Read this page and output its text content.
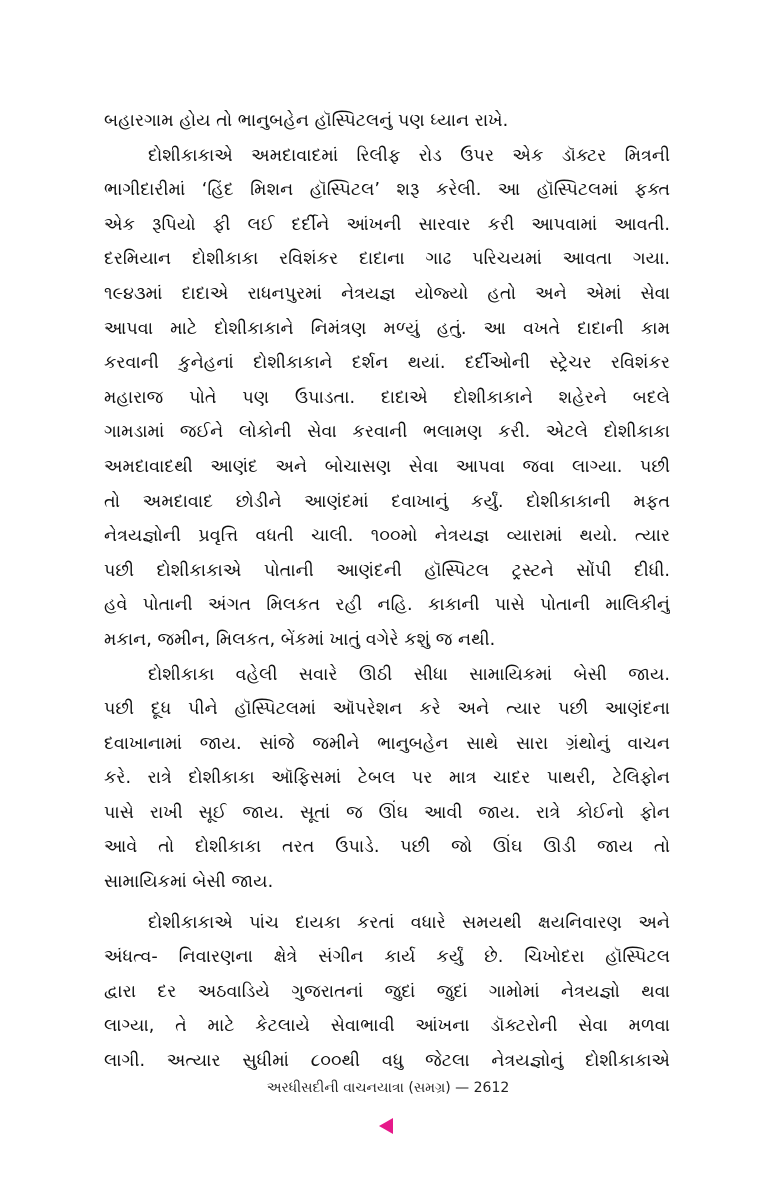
બહારગામ હોય તો ભાનુબહેન હૉસ્પિટલનું પણ ધ્યાન રાખે.
દોશીકાકાએ અમદાવાદમાં રિલીફ રોડ ઉપર એક ડૉક્ટર મિત્રની
ભાગીદારીમાં ‘હિંદ મિશન હૉસ્પિટલ’ શરૂ કરેલી. આ હૉસ્પિટલમાં ફક્ત
એક રૂપિયો ફી લઈ દર્દીને આંખની સારવાર કરી આપવામાં આવતી.
દરમિયાન દોશીકાકા રવિશંકર દાદાના ગાઢ પરિચયમાં આવતા ગયા.
૧૯૪૩માં દાદાએ રાધનપુરમાં નેત્રયજ્ઞ યોજ્યો હતો અને એમાં સેવા
આપવા માટે દોશીકાકાને નિમંત્રણ મળ્યું હતું. આ વખતે દાદાની કામ
કરવાની કુનેહનાં દોશીકાકાને દર્શન થયાં. દર્દીઓની સ્ટ્રેચર રવિશંકર
મહારાજ પોતે પણ ઉપાડતા. દાદાએ દોશીકાકાને શહેરને બદલે
ગામડામાં જઈને લોકોની સેવા કરવાની ભલામણ કરી. એટલે દોશીકાકા
અમદાવાદથી આણંદ અને બોચાસણ સેવા આપવા જવા લાગ્યા. પછી
તો અમદાવાદ છોડીને આણંદમાં દવાખાનું કર્યું. દોશીકાકાની મફત
નેત્રયજ્ઞોની પ્રવૃત્તિ વધતી ચાલી. ૧૦૦મો નેત્રયજ્ઞ વ્યારામાં થયો. ત્યાર
પછી દોશીકાકાએ પોતાની આણંદની હૉસ્પિટલ ટ્રસ્ટને સોંપી દીધી.
હવે પોતાની અંગત મિલકત રહી નહિ. કાકાની પાસે પોતાની માલિકીનું
મકાન, જમીન, મિલકત, બેંકમાં ખાતું વગેરે કશું જ નથી.
દોશીકાકા વહેલી સવારે ઊઠી સીધા સામાયિકમાં બેસી જાય.
પછી દૂધ પીને હૉસ્પિટલમાં ઑપરેશન કરે અને ત્યાર પછી આણંદના
દવાખાનામાં જાય. સાંજે જમીને ભાનુબહેન સાથે સારા ગ્રંથોનું વાચન
કરે. રાત્રે દોશીકાકા ઑફિસમાં ટેબલ પર માત્ર ચાદર પાથરી, ટેલિફોન
પાસે રાખી સૂઈ જાય. સૂતાં જ ઊંઘ આવી જાય. રાત્રે કોઈનો ફોન
આવે તો દોશીકાકા તરત ઉપાડે. પછી જો ઊંઘ ઊડી જાય તો
સામાયિકમાં બેસી જાય.
દોશીકાકાએ પાંચ દાયકા કરતાં વધારે સમયથી ક્ષયનિવારણ અને
અંધત્વ- નિવારણના ક્ષેત્રે સંગીન કાર્ય કર્યું છે. ચિખોદરા હૉસ્પિટલ
દ્વારા દર અઠવાડિયે ગુજરાતનાં જુદાં જુદાં ગામોમાં નેત્રયજ્ઞો થવા
લાગ્યા, તે માટે કેટલાયે સેવાભાવી આંખના ડૉક્ટરોની સેવા મળવા
લાગી. અત્યાર સુધીમાં ૮૦૦થી વધુ જેટલા નેત્રયજ્ઞોનું દોશીકાકાએ
અરધીસદીની વાચનયાત્રા (સમગ્ર) — 2612
